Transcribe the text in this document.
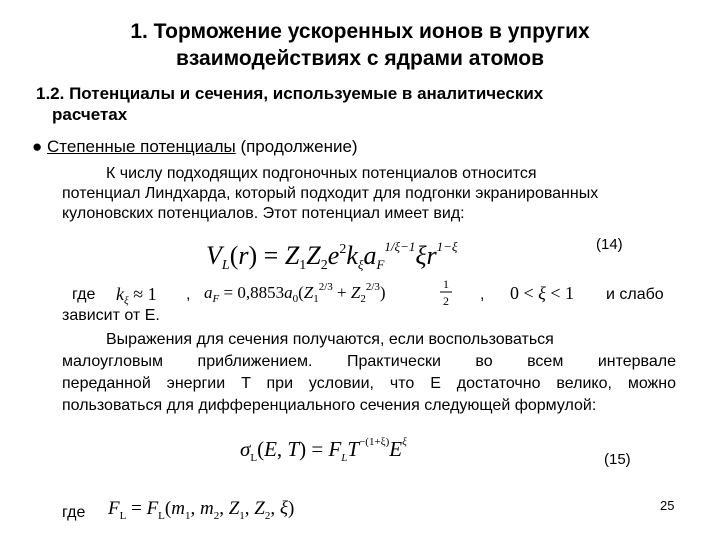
1. Торможение ускоренных ионов в упругих
взаимодействиях с ядрами атомов
1.2. Потенциалы и сечения, используемые в аналитических
расчетах
● Степенные потенциалы (продолжение)
К числу подходящих подгоночных потенциалов относится
потенциал Линдхарда, который подходит для подгонки экранированных
кулоновских потенциалов. Этот потенциал имеет вид:
$VL(r) = Z1Z2e^2k\xi aF^{1/\xi-1}\xi r^{1-\xi}$	(14)
где $k_\xi \approx 1$ , $a_F = 0,8853a_0(Z_1^{2/3} + Z_2^{2/3})$	1
2 , 0 < ξ < 1 и слабо
зависит от E.
Выражения для сечения получаются, если воспользоваться
малоугловым приближением. Практически во всем интервале
переданной энергии T при условии, что E достаточно велико, можно
пользоваться для дифференциального сечения следующей формулой:
$\sigma_L(E$, $T) = F_LT^{-(1+\xi)}E^\xi$
(15)
где $F_L = F_L(m_1$, $m_2$, $Z_1$, $Z_2$, ξ)	25
